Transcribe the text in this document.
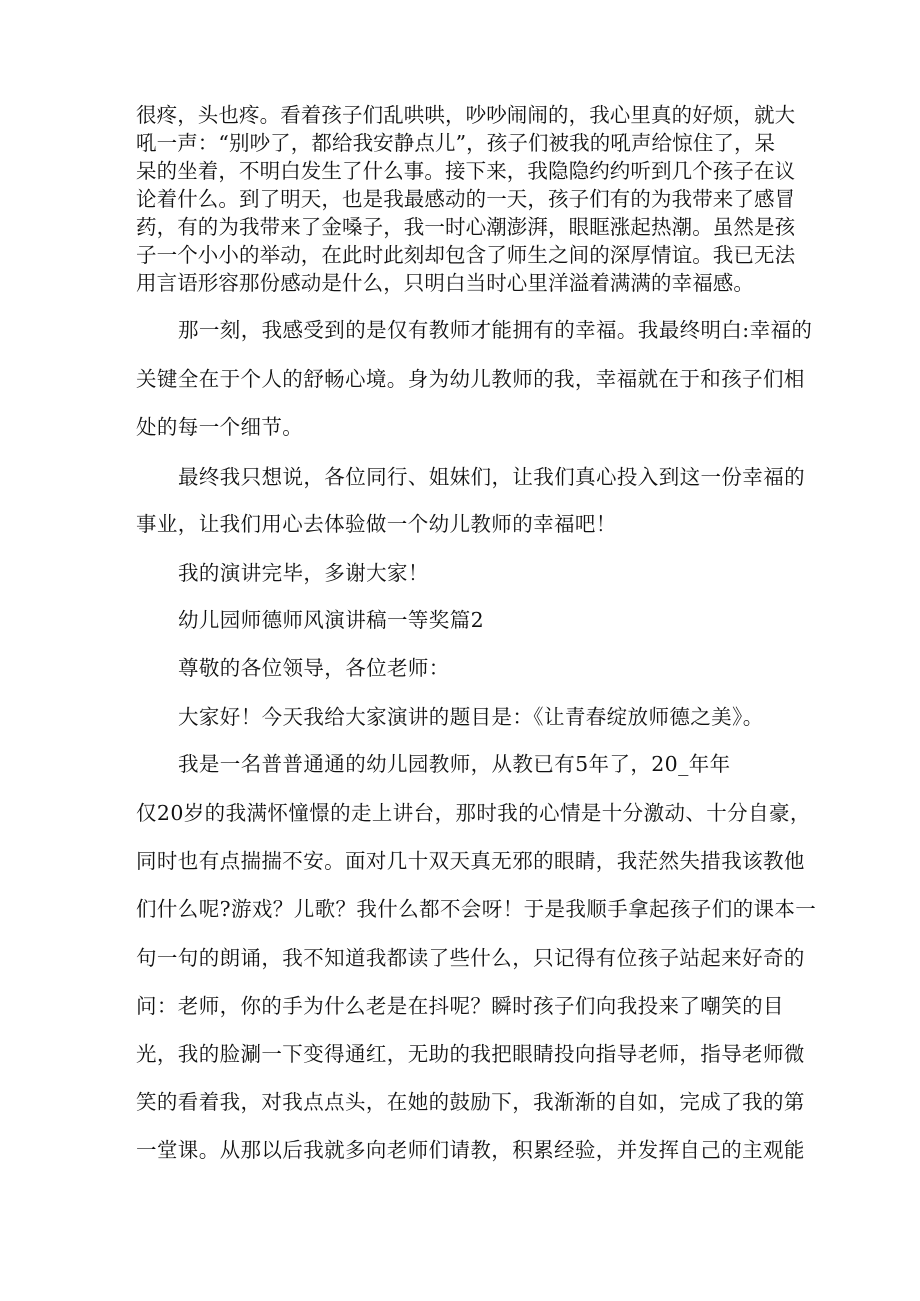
很疼，头也疼。看着孩子们乱哄哄，吵吵闹闹的，我心里真的好烦，就大
吼一声：“别吵了，都给我安静点儿”，孩子们被我的吼声给惊住了，呆
呆的坐着，不明白发生了什么事。接下来，我隐隐约约听到几个孩子在议
论着什么。到了明天，也是我最感动的一天，孩子们有的为我带来了感冒
药，有的为我带来了金嗓子，我一时心潮澎湃，眼眶涨起热潮。虽然是孩
子一个小小的举动，在此时此刻却包含了师生之间的深厚情谊。我已无法
用言语形容那份感动是什么，只明白当时心里洋溢着满满的幸福感。
那一刻，我感受到的是仅有教师才能拥有的幸福。我最终明白:幸福的
关键全在于个人的舒畅心境。身为幼儿教师的我，幸福就在于和孩子们相
处的每一个细节。
最终我只想说，各位同行、姐妹们，让我们真心投入到这一份幸福的
事业，让我们用心去体验做一个幼儿教师的幸福吧！
我的演讲完毕，多谢大家！
幼儿园师德师风演讲稿一等奖篇2
尊敬的各位领导，各位老师：
大家好！今天我给大家演讲的题目是：《让青春绽放师德之美》。
我是一名普普通通的幼儿园教师，从教已有5年了，20_年年
仅20岁的我满怀憧憬的走上讲台，那时我的心情是十分激动、十分自豪，
同时也有点揣揣不安。面对几十双天真无邪的眼睛，我茫然失措我该教他
们什么呢?游戏？儿歌？我什么都不会呀！于是我顺手拿起孩子们的课本一
句一句的朗诵，我不知道我都读了些什么，只记得有位孩子站起来好奇的
问：老师，你的手为什么老是在抖呢？瞬时孩子们向我投来了嘲笑的目
光，我的脸涮一下变得通红，无助的我把眼睛投向指导老师，指导老师微
笑的看着我，对我点点头，在她的鼓励下，我渐渐的自如，完成了我的第
一堂课。从那以后我就多向老师们请教，积累经验，并发挥自己的主观能
